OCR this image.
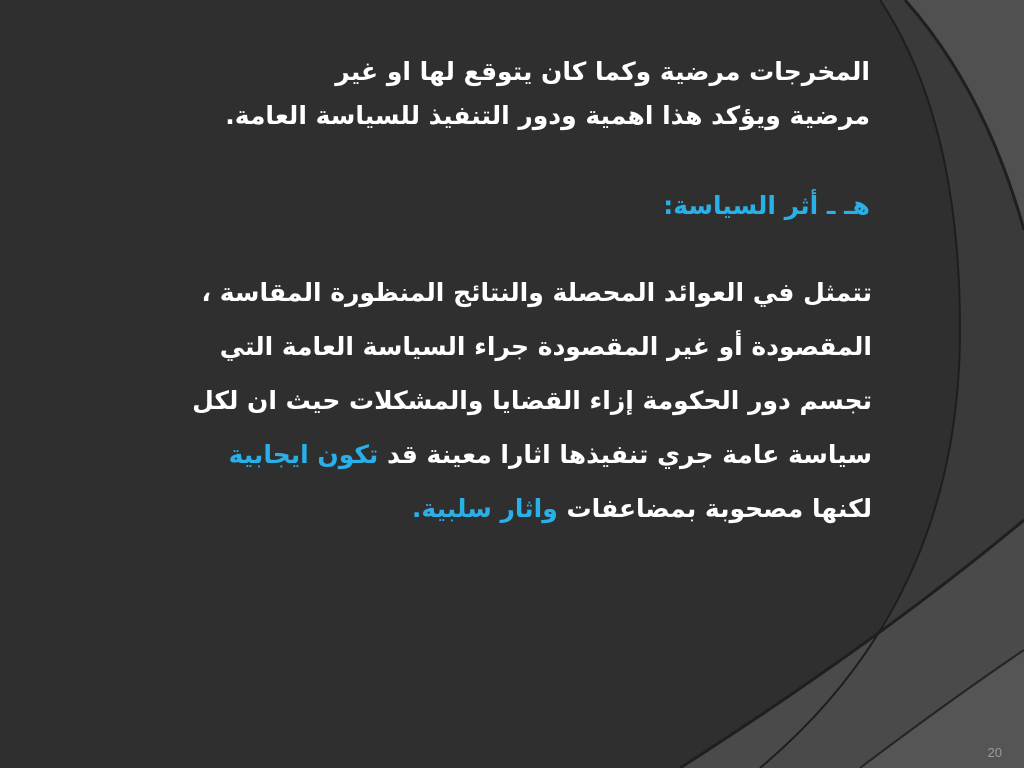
المخرجات مرضية وكما كان يتوقع لها او غير
مرضية ويؤكد هذا اهمية ودور التنفيذ للسياسة العامة.
هـ ـ أثر السياسة:
تتمثل في العوائد المحصلة والنتائج المنظورة المقاسة ،
المقصودة أو غير المقصودة جراء السياسة العامة التي
تجسم دور الحكومة إزاء القضايا والمشكلات حيث ان لكل
سياسة عامة جري تنفيذها اثارا معينة قد تكون ايجابية
لكنها مصحوبة بمضاعفات واثار سلبية.
20
